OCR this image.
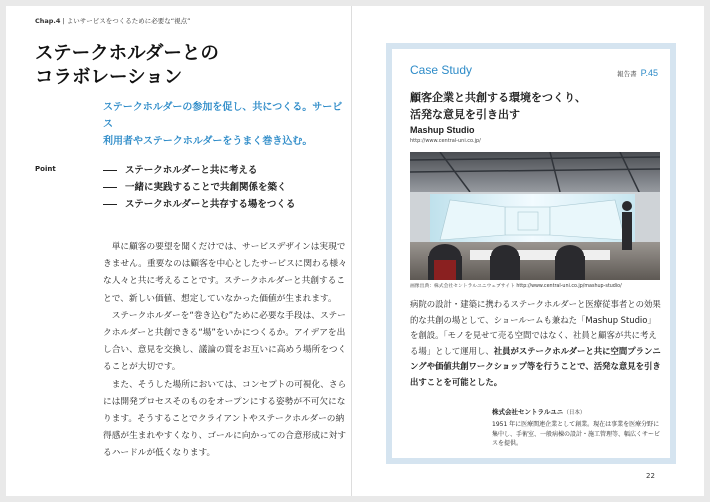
Chap.4 | よいサービスをつくるために必要な“視点”
ステークホルダーとの
コラボレーション

ステークホルダーの参加を促し、共につくる。サービス
利用者やステークホルダーをうまく巻き込む。

Point	ステークホルダーと共に考える
一緒に実践することで共創関係を築く
ステークホルダーと共存する場をつくる

単に顧客の要望を聞くだけでは、サービスデザインは実現できません。重要なのは顧客を中心としたサービスに関わる様々な人々と共に考えることです。ステークホルダーと共創することで、新しい価値、想定していなかった価値が生まれます。

ステークホルダーを“巻き込む”ために必要な手段は、ステークホルダーと共創できる“場”をいかにつくるか。アイデアを出し合い、意見を交換し、議論の質をお互いに高めう場所をつくることが大切です。

また、そうした場所においては、コンセプトの可視化、さらには開発プロセスそのものをオープンにする姿勢が不可欠になります。そうすることでクライアントやステークホルダーの納得感が生まれやすくなり、ゴールに向かっての合意形成に対するハードルが低くなります。

Case Study	報告書 P.45
顧客企業と共創する環境をつくり、
活発な意見を引き出す
Mashup Studio
http://www.central-uni.co.jp/
画像出典：株式会社セントラルユニウェブサイト http://www.central-uni.co.jp/mashup-studio/

病院の設計・建築に携わるステークホルダーと医療従事者との効果的な共創の場として、ショールームも兼ねた「Mashup Studio」を創設。「モノを見せて売る空間ではなく、社員と顧客が共に考える場」として運用し、社員がステークホルダーと共に空間プランニングや価値共創ワークショップ等を行うことで、活発な意見を引き出すことを可能とした。

株式会社セントラルユニ（日本）

1951 年に医療関連企業として創業。現在は事業を医療分野に集中し、手術室、一般病棟の設計・施工管理等、幅広くサービスを提供。

22
